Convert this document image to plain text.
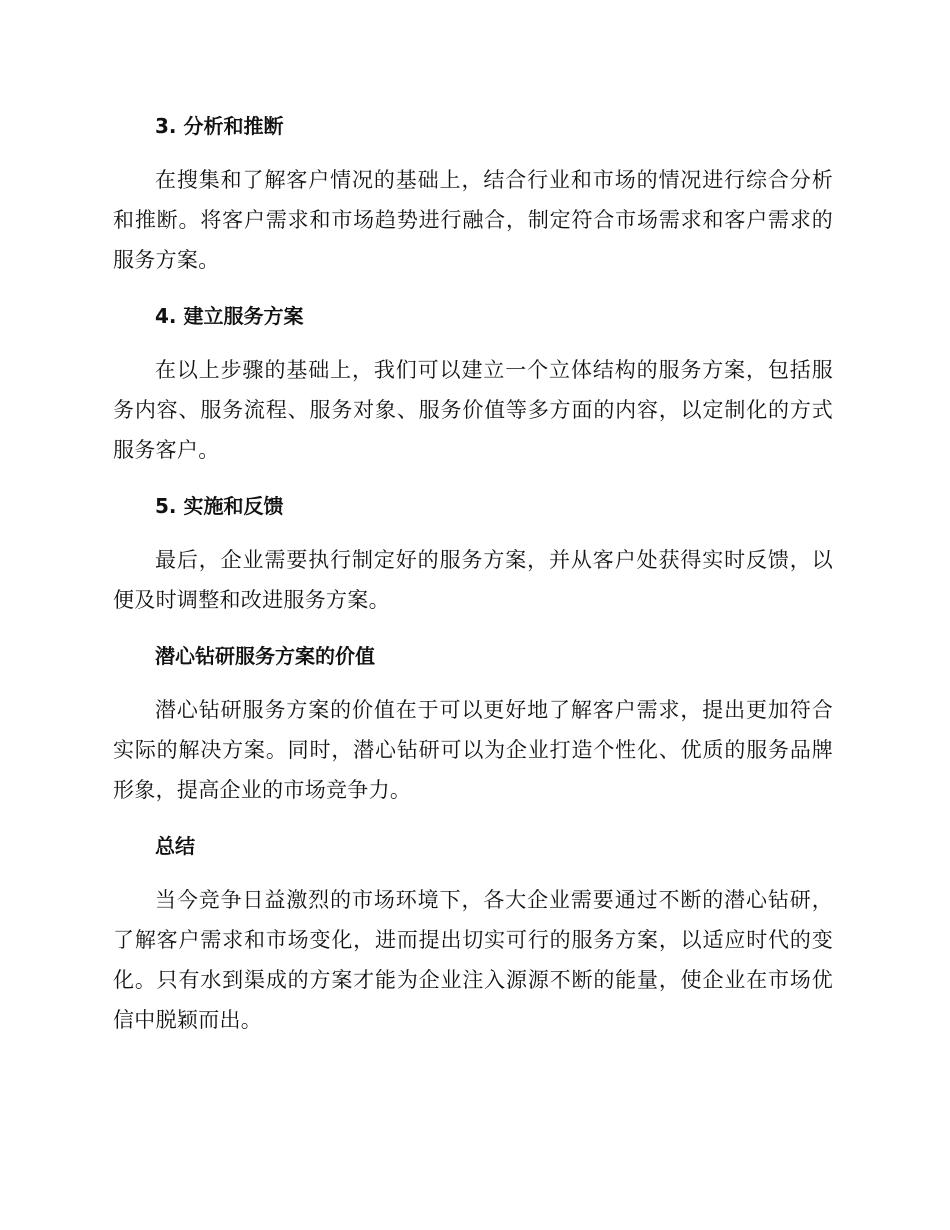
3. 分析和推断

在搜集和了解客户情况的基础上，结合行业和市场的情况进行综合分析和推断。将客户需求和市场趋势进行融合，制定符合市场需求和客户需求的服务方案。

4. 建立服务方案

在以上步骤的基础上，我们可以建立一个立体结构的服务方案，包括服务内容、服务流程、服务对象、服务价值等多方面的内容，以定制化的方式服务客户。

5. 实施和反馈

最后，企业需要执行制定好的服务方案，并从客户处获得实时反馈，以便及时调整和改进服务方案。

潜心钻研服务方案的价值

潜心钻研服务方案的价值在于可以更好地了解客户需求，提出更加符合实际的解决方案。同时，潜心钻研可以为企业打造个性化、优质的服务品牌形象，提高企业的市场竞争力。

总结

当今竞争日益激烈的市场环境下，各大企业需要通过不断的潜心钻研，了解客户需求和市场变化，进而提出切实可行的服务方案，以适应时代的变化。只有水到渠成的方案才能为企业注入源源不断的能量，使企业在市场优信中脱颖而出。
